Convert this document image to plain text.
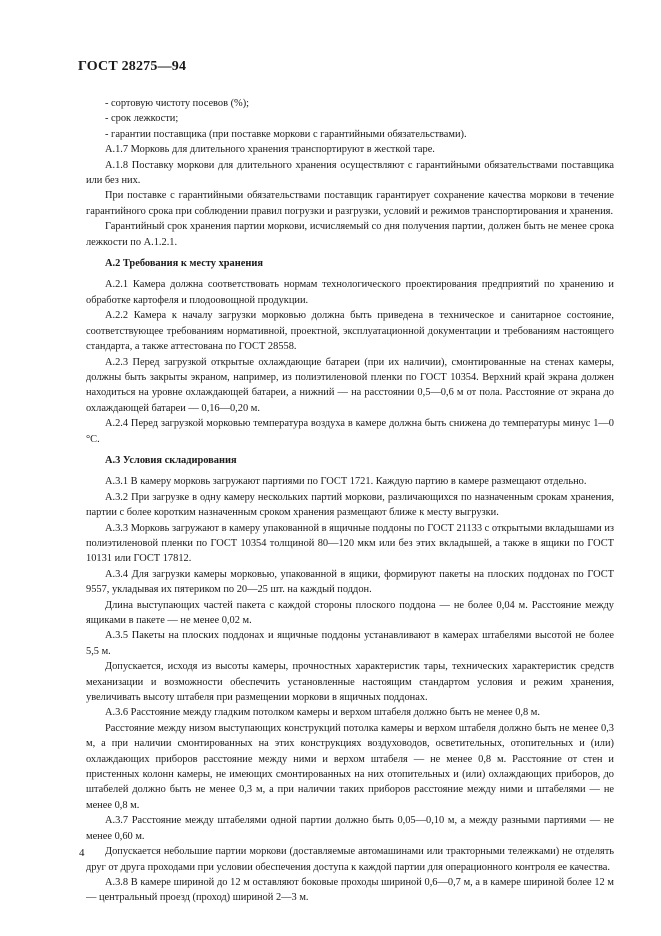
ГОСТ 28275—94

- сортовую чистоту посевов (%);

- срок лежкости;

- гарантии поставщика (при поставке моркови с гарантийными обязательствами).

А.1.7 Морковь для длительного хранения транспортируют в жесткой таре.

А.1.8 Поставку моркови для длительного хранения осуществляют с гарантийными обязательствами поставщика или без них.

При поставке с гарантийными обязательствами поставщик гарантирует сохранение качества моркови в течение гарантийного срока при соблюдении правил погрузки и разгрузки, условий и режимов транспортирования и хранения.

Гарантийный срок хранения партии моркови, исчисляемый со дня получения партии, должен быть не менее срока лежкости по А.1.2.1.

А.2 Требования к месту хранения

А.2.1 Камера должна соответствовать нормам технологического проектирования предприятий по хранению и обработке картофеля и плодоовощной продукции.

А.2.2 Камера к началу загрузки морковью должна быть приведена в техническое и санитарное состояние, соответствующее требованиям нормативной, проектной, эксплуатационной документации и требованиям настоящего стандарта, а также аттестована по ГОСТ 28558.

А.2.3 Перед загрузкой открытые охлаждающие батареи (при их наличии), смонтированные на стенах камеры, должны быть закрыты экраном, например, из полиэтиленовой пленки по ГОСТ 10354. Верхний край экрана должен находиться на уровне охлаждающей батареи, а нижний — на расстоянии 0,5—0,6 м от пола. Расстояние от экрана до охлаждающей батареи — 0,16—0,20 м.

А.2.4 Перед загрузкой морковью температура воздуха в камере должна быть снижена до температуры минус 1—0 °С.

А.3 Условия складирования

А.3.1 В камеру морковь загружают партиями по ГОСТ 1721. Каждую партию в камере размещают отдельно.

А.3.2 При загрузке в одну камеру нескольких партий моркови, различающихся по назначенным срокам хранения, партии с более коротким назначенным сроком хранения размещают ближе к месту выгрузки.

А.3.3 Морковь загружают в камеру упакованной в ящичные поддоны по ГОСТ 21133 с открытыми вкладышами из полиэтиленовой пленки по ГОСТ 10354 толщиной 80—120 мкм или без этих вкладышей, а также в ящики по ГОСТ 10131 или ГОСТ 17812.

А.3.4 Для загрузки камеры морковью, упакованной в ящики, формируют пакеты на плоских поддонах по ГОСТ 9557, укладывая их пятериком по 20—25 шт. на каждый поддон.

Длина выступающих частей пакета с каждой стороны плоского поддона — не более 0,04 м. Расстояние между ящиками в пакете — не менее 0,02 м.

А.3.5 Пакеты на плоских поддонах и ящичные поддоны устанавливают в камерах штабелями высотой не более 5,5 м.

Допускается, исходя из высоты камеры, прочностных характеристик тары, технических характеристик средств механизации и возможности обеспечить установленные настоящим стандартом условия и режим хранения, увеличивать высоту штабеля при размещении моркови в ящичных поддонах.

А.3.6 Расстояние между гладким потолком камеры и верхом штабеля должно быть не менее 0,8 м.

Расстояние между низом выступающих конструкций потолка камеры и верхом штабеля должно быть не менее 0,3 м, а при наличии смонтированных на этих конструкциях воздуховодов, осветительных, отопительных и (или) охлаждающих приборов расстояние между ними и верхом штабеля — не менее 0,8 м. Расстояние от стен и пристенных колонн камеры, не имеющих смонтированных на них отопительных и (или) охлаждающих приборов, до штабелей должно быть не менее 0,3 м, а при наличии таких приборов расстояние между ними и штабелями — не менее 0,8 м.

А.3.7 Расстояние между штабелями одной партии должно быть 0,05—0,10 м, а между разными партиями — не менее 0,60 м.

Допускается небольшие партии моркови (доставляемые автомашинами или тракторными тележками) не отделять друг от друга проходами при условии обеспечения доступа к каждой партии для операционного контроля ее качества.

А.3.8 В камере шириной до 12 м оставляют боковые проходы шириной 0,6—0,7 м, а в камере шириной более 12 м — центральный проезд (проход) шириной 2—3 м.

4
